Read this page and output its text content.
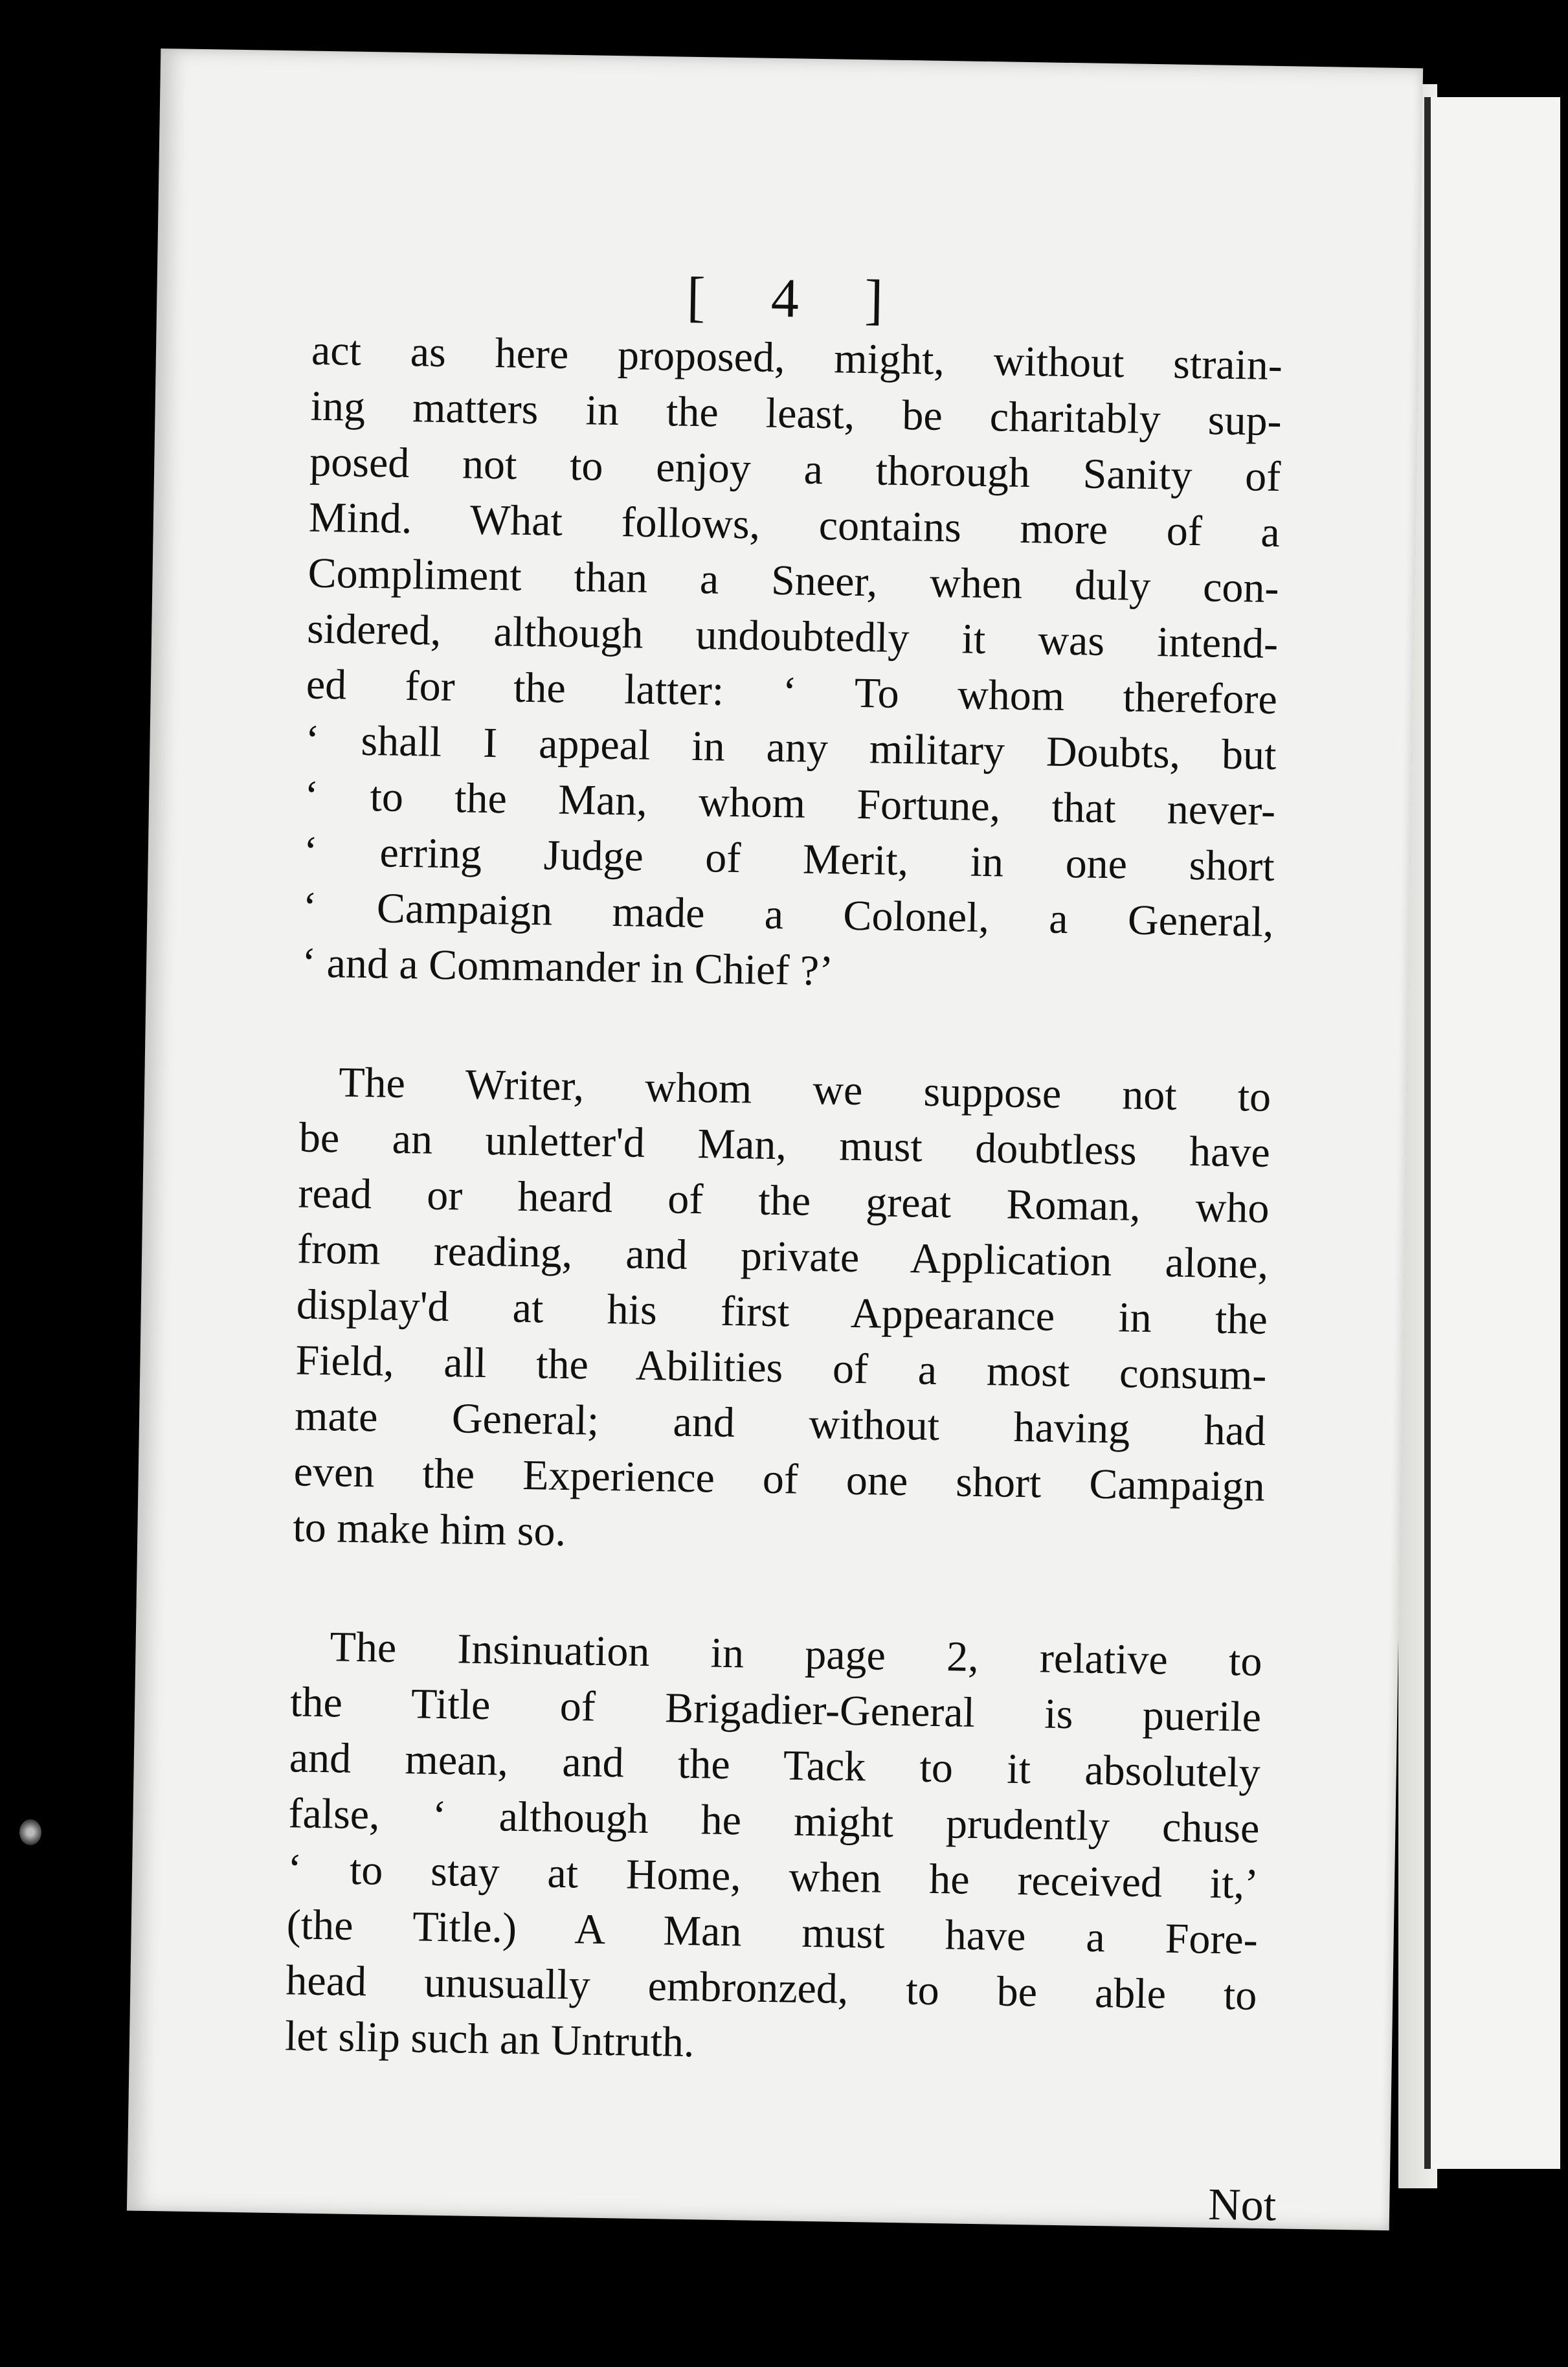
[ 4 ]
act as here proposed, might, without strain-
ing matters in the least, be charitably sup-
posed not to enjoy a thorough Sanity of
Mind. What follows, contains more of a
Compliment than a Sneer, when duly con-
sidered, although undoubtedly it was intend-
ed for the latter: ‘ To whom therefore
‘ shall I appeal in any military Doubts, but
‘ to the Man, whom Fortune, that never-
‘ erring Judge of Merit, in one short
‘ Campaign made a Colonel, a General,
‘ and a Commander in Chief ?’
The Writer, whom we suppose not to
be an unletter'd Man, must doubtless have
read or heard of the great Roman, who
from reading, and private Application alone,
display'd at his first Appearance in the
Field, all the Abilities of a most consum-
mate General; and without having had
even the Experience of one short Campaign
to make him so.
The Insinuation in page 2, relative to
the Title of Brigadier-General is puerile
and mean, and the Tack to it absolutely
false, ‘ although he might prudently chuse
‘ to stay at Home, when he received it,’
(the Title.) A Man must have a Fore-
head unusually embronzed, to be able to
let slip such an Untruth.
Not
